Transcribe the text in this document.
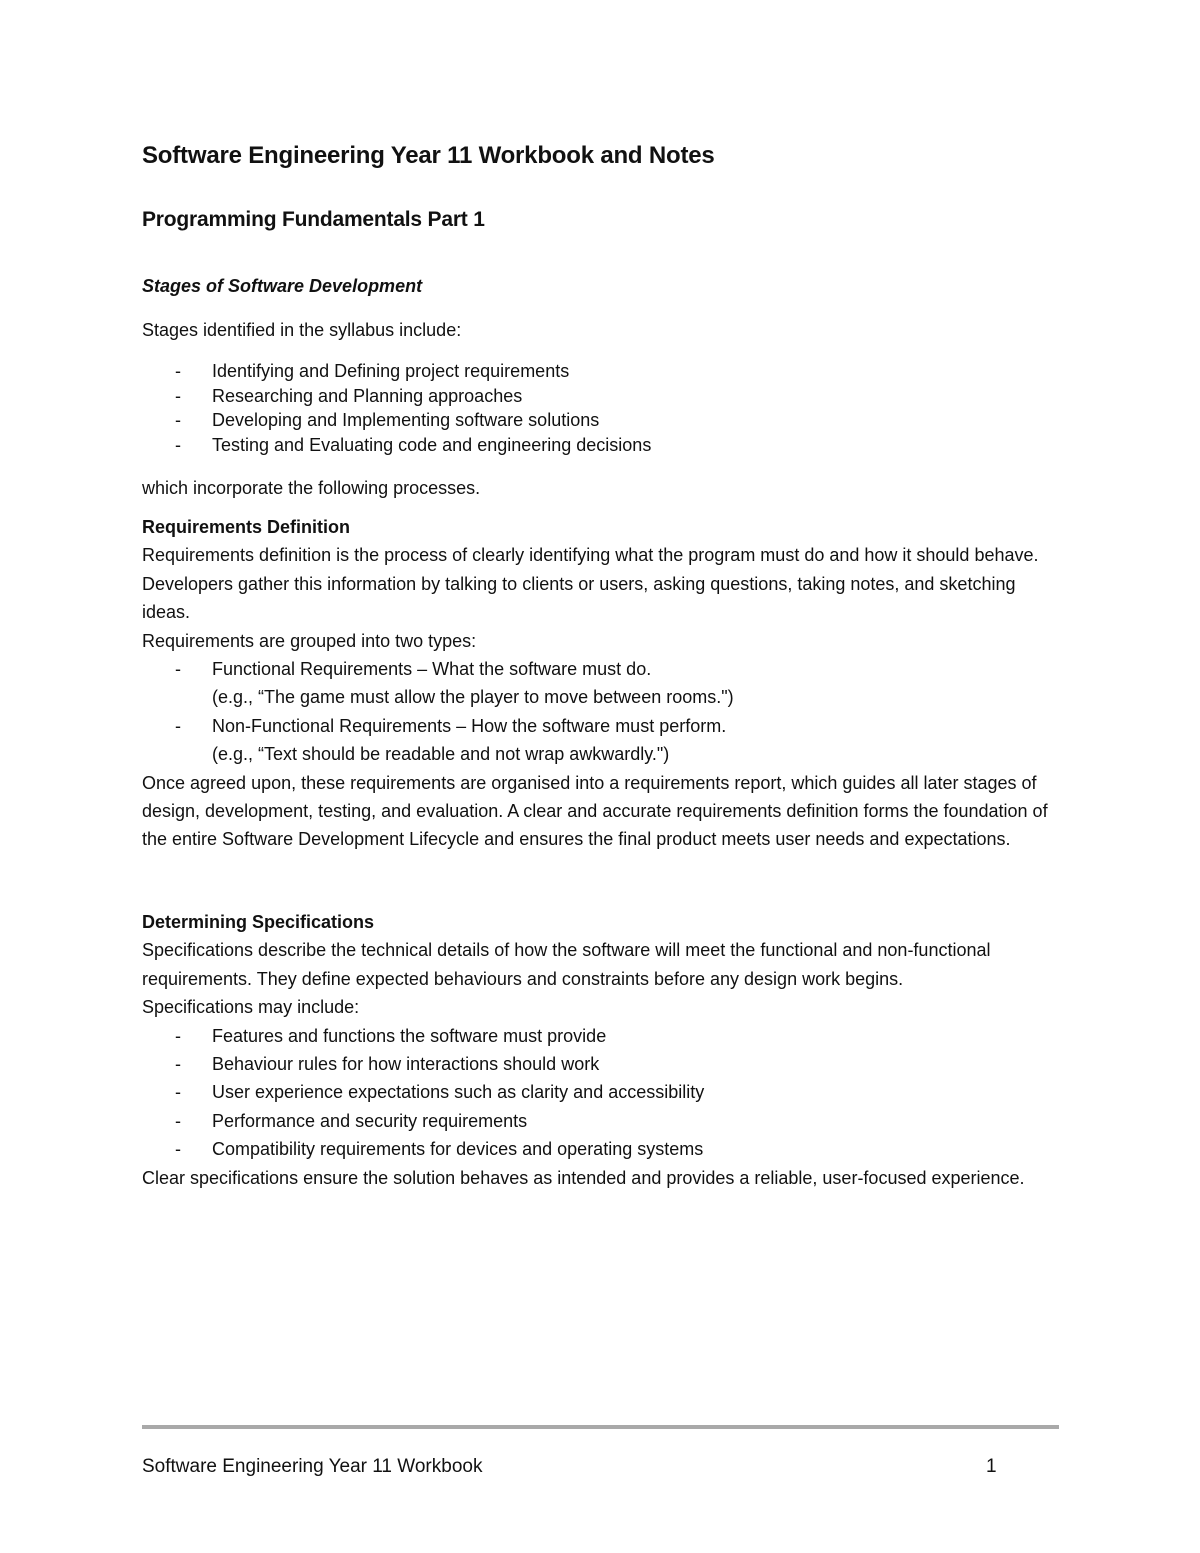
Software Engineering Year 11 Workbook and Notes
Programming Fundamentals Part 1
Stages of Software Development
Stages identified in the syllabus include:
- Identifying and Defining project requirements
- Researching and Planning approaches
- Developing and Implementing software solutions
- Testing and Evaluating code and engineering decisions
which incorporate the following processes.
Requirements Definition
Requirements definition is the process of clearly identifying what the program must do and how it should behave. Developers gather this information by talking to clients or users, asking questions, taking notes, and sketching ideas.
Requirements are grouped into two types:
- Functional Requirements – What the software must do.
(e.g., “The game must allow the player to move between rooms.")
- Non-Functional Requirements – How the software must perform.
(e.g., “Text should be readable and not wrap awkwardly.")
Once agreed upon, these requirements are organised into a requirements report, which guides all later stages of design, development, testing, and evaluation. A clear and accurate requirements definition forms the foundation of the entire Software Development Lifecycle and ensures the final product meets user needs and expectations.
Determining Specifications
Specifications describe the technical details of how the software will meet the functional and non-functional requirements. They define expected behaviours and constraints before any design work begins.
Specifications may include:
- Features and functions the software must provide
- Behaviour rules for how interactions should work
- User experience expectations such as clarity and accessibility
- Performance and security requirements
- Compatibility requirements for devices and operating systems
Clear specifications ensure the solution behaves as intended and provides a reliable, user-focused experience.
Software Engineering Year 11 Workbook	1
